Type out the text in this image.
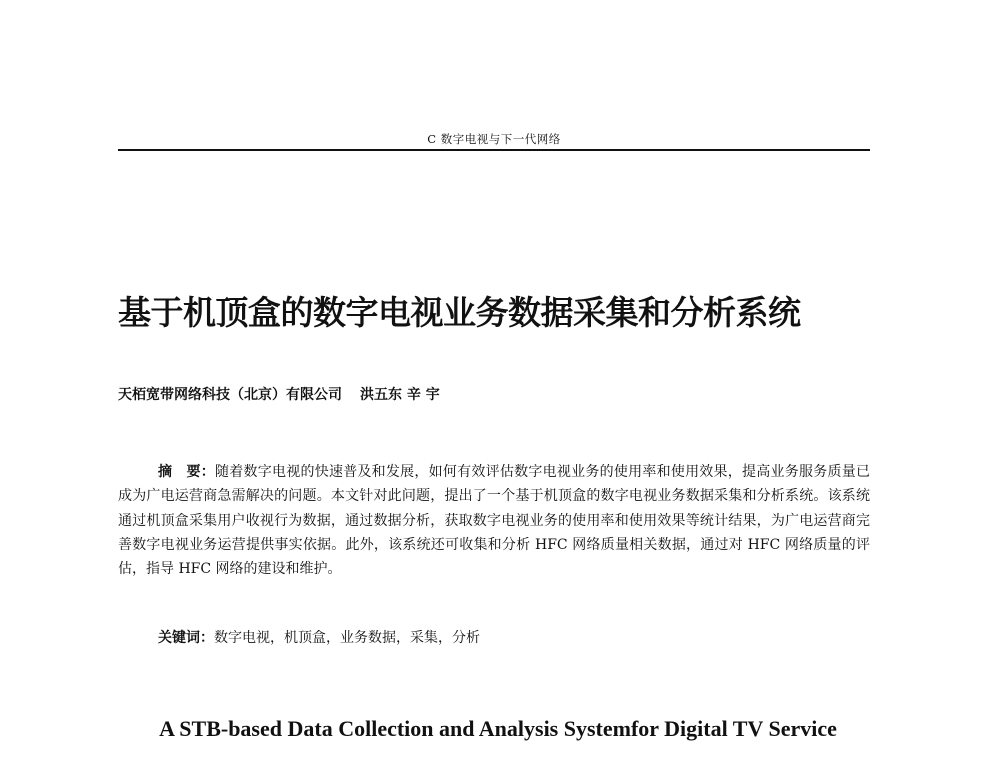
C 数字电视与下一代网络
基于机顶盒的数字电视业务数据采集和分析系统
天栢宽带网络科技（北京）有限公司 洪五东 辛 宇

摘　要：随着数字电视的快速普及和发展，如何有效评估数字电视业务的使用率和使用效果，提高业务服务质量已成为广电运营商急需解决的问题。本文针对此问题，提出了一个基于机顶盒的数字电视业务数据采集和分析系统。该系统通过机顶盒采集用户收视行为数据，通过数据分析，获取数字电视业务的使用率和使用效果等统计结果，为广电运营商完善数字电视业务运营提供事实依据。此外，该系统还可收集和分析 HFC 网络质量相关数据，通过对 HFC 网络质量的评估，指导 HFC 网络的建设和维护。

关键词：数字电视，机顶盒，业务数据，采集，分析
A STB-based Data Collection and Analysis Systemfor Digital TV Service
